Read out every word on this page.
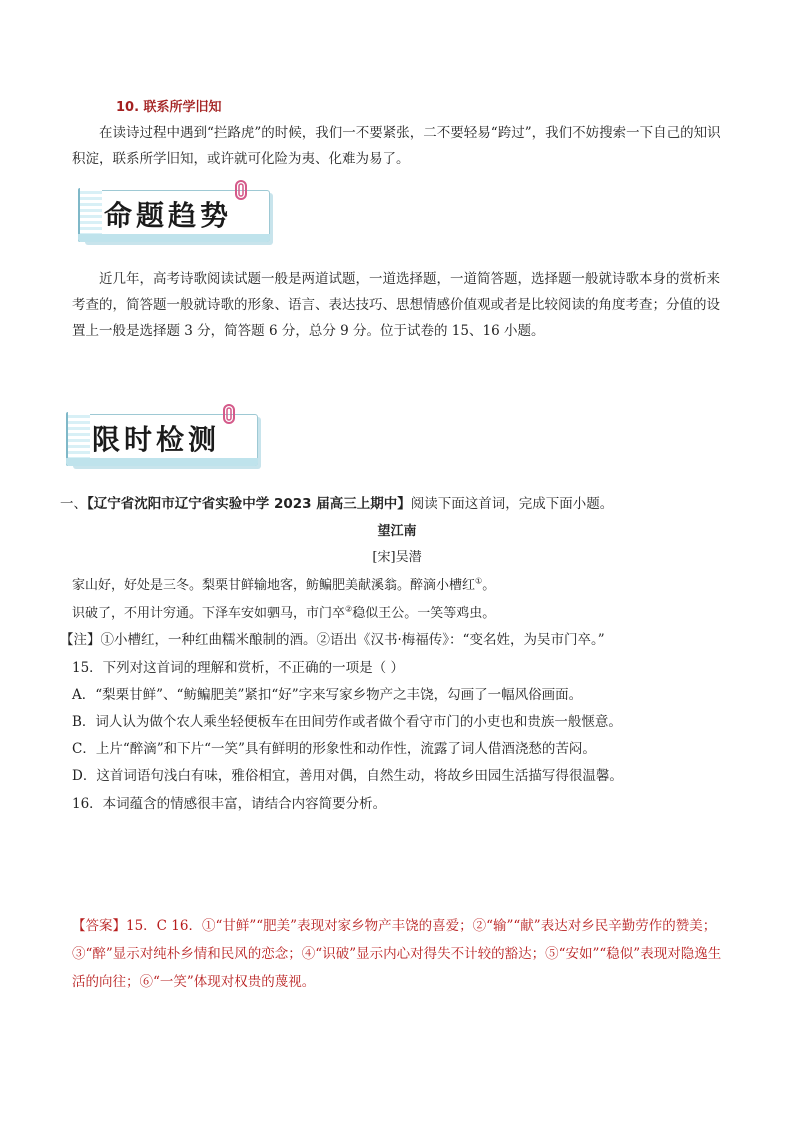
10. 联系所学旧知
在读诗过程中遇到“拦路虎”的时候，我们一不要紧张，二不要轻易“跨过”，我们不妨搜索一下自己的知识积淀，联系所学旧知，或许就可化险为夷、化难为易了。
命题趋势
近几年，高考诗歌阅读试题一般是两道试题，一道选择题，一道简答题，选择题一般就诗歌本身的赏析来考查的，简答题一般就诗歌的形象、语言、表达技巧、思想情感价值观或者是比较阅读的角度考查；分值的设置上一般是选择题 3 分，简答题 6 分，总分 9 分。位于试卷的 15、16 小题。
限时检测
一、【辽宁省沈阳市辽宁省实验中学 2023 届高三上期中】阅读下面这首词，完成下面小题。
望江南
[宋]吴潜
家山好，好处是三冬。梨栗甘鲜输地客，鲂鳊肥美献溪翁。醉滴小槽红①。
识破了，不用计穷通。下泽车安如驷马，市门卒②稳似王公。一笑等鸡虫。
【注】①小槽红，一种红曲糯米酿制的酒。②语出《汉书·梅福传》：“变名姓，为吴市门卒。”
15．下列对这首词的理解和赏析，不正确的一项是（ ）
A．“梨栗甘鲜”、“鲂鳊肥美”紧扣“好”字来写家乡物产之丰饶，勾画了一幅风俗画面。
B．词人认为做个农人乘坐轻便板车在田间劳作或者做个看守市门的小吏也和贵族一般惬意。
C．上片“醉滴”和下片“一笑”具有鲜明的形象性和动作性，流露了词人借酒浇愁的苦闷。
D．这首词语句浅白有味，雅俗相宜，善用对偶，自然生动，将故乡田园生活描写得很温馨。
16．本词蕴含的情感很丰富，请结合内容简要分析。
【答案】15．C 16．①“甘鲜”“肥美”表现对家乡物产丰饶的喜爱；②“输”“献”表达对乡民辛勤劳作的赞美；③“醉”显示对纯朴乡情和民风的恋念；④“识破”显示内心对得失不计较的豁达；⑤“安如”“稳似”表现对隐逸生活的向往；⑥“一笑”体现对权贵的蔑视。
